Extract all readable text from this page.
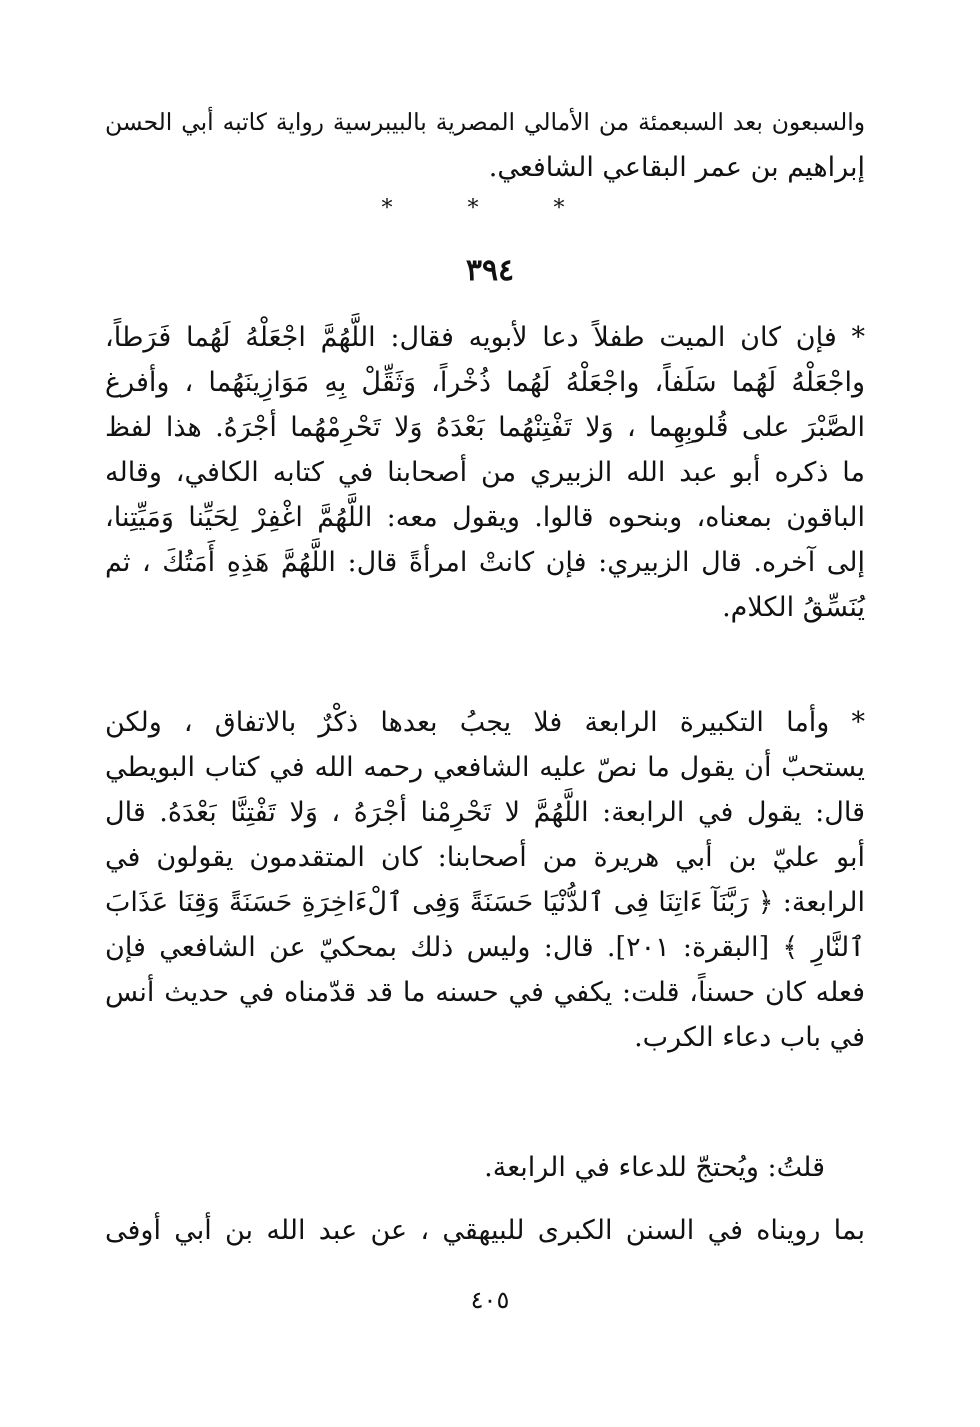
والسبعون بعد السبعمئة من الأمالي المصرية بالبيبرسية رواية كاتبه أبي الحسن
إبراهيم بن عمر البقاعي الشافعي.
* * *
٣٩٤
* فإن كان الميت طفلاً دعا لأبويه فقال: اللَّهُمَّ اجْعَلْهُ لَهُما فَرَطاً،
واجْعَلْهُ لَهُما سَلَفاً، واجْعَلْهُ لَهُما ذُخْراً، وَثَقِّلْ بِهِ مَوَازِينَهُما ، وأفرغ
الصَّبْرَ على قُلوبِهِما ، وَلا تَفْتِنْهُما بَعْدَهُ وَلا تَحْرِمْهُما أجْرَهُ. هذا لفظ
ما ذكره أبو عبد الله الزبيري من أصحابنا في كتابه الكافي، وقاله
الباقون بمعناه، وبنحوه قالوا. ويقول معه: اللَّهُمَّ اغْفِرْ لِحَيِّنا وَمَيِّتِنا،
إلى آخره. قال الزبيري: فإن كانتْ امرأةً قال: اللَّهُمَّ هَذِهِ أَمَتُكَ ، ثم
يُنَسِّقُ الكلام.
* وأما التكبيرة الرابعة فلا يجبُ بعدها ذكْرٌ بالاتفاق ، ولكن
يستحبّ أن يقول ما نصّ عليه الشافعي رحمه الله في كتاب البويطي
قال: يقول في الرابعة: اللَّهُمَّ لا تَحْرِمْنا أجْرَهُ ، وَلا تَفْتِنَّا بَعْدَهُ. قال
أبو عليّ بن أبي هريرة من أصحابنا: كان المتقدمون يقولون في
الرابعة: ﴿ رَبَّنَآ ءَاتِنَا فِى ٱلدُّنْيَا حَسَنَةً وَفِى ٱلْءَاخِرَةِ حَسَنَةً وَقِنَا عَذَابَ
ٱلنَّارِ ﴾ [البقرة: ٢٠١]. قال: وليس ذلك بمحكيّ عن الشافعي فإن
فعله كان حسناً، قلت: يكفي في حسنه ما قد قدّمناه في حديث أنس
في باب دعاء الكرب.
قلتُ: ويُحتجّ للدعاء في الرابعة.
بما رويناه في السنن الكبرى للبيهقي ، عن عبد الله بن أبي أوفى
٤٠٥
